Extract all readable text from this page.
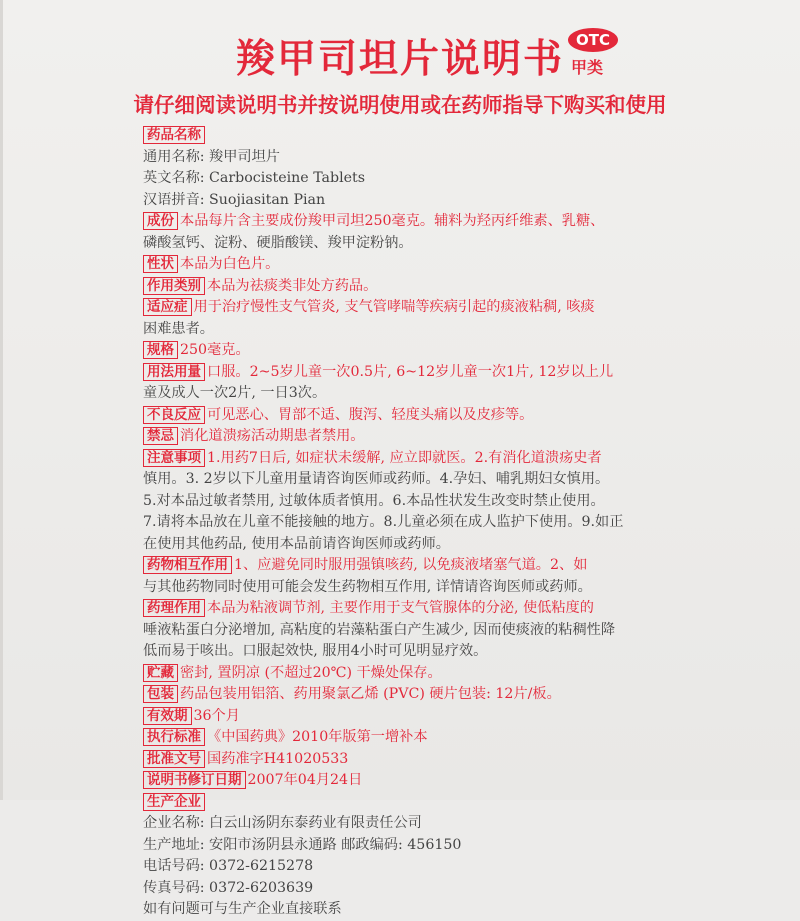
羧甲司坦片说明书 OTC
甲类
请仔细阅读说明书并按说明使用或在药师指导下购买和使用
药品名称
通用名称: 羧甲司坦片
英文名称: Carbocisteine Tablets
汉语拼音: Suojiasitan Pian
成份 本品每片含主要成份羧甲司坦250毫克。辅料为羟丙纤维素、乳糖、
磷酸氢钙、淀粉、硬脂酸镁、羧甲淀粉钠。
性状 本品为白色片。
作用类别 本品为祛痰类非处方药品。
适应症 用于治疗慢性支气管炎, 支气管哮喘等疾病引起的痰液粘稠, 咳痰
困难患者。
规格 250毫克。
用法用量 口服。2~5岁儿童一次0.5片, 6~12岁儿童一次1片, 12岁以上儿
童及成人一次2片, 一日3次。
不良反应 可见恶心、胃部不适、腹泻、轻度头痛以及皮疹等。
禁忌 消化道溃疡活动期患者禁用。
注意事项 1.用药7日后, 如症状未缓解, 应立即就医。2.有消化道溃疡史者
慎用。3. 2岁以下儿童用量请咨询医师或药师。4.孕妇、哺乳期妇女慎用。
5.对本品过敏者禁用, 过敏体质者慎用。6.本品性状发生改变时禁止使用。
7.请将本品放在儿童不能接触的地方。8.儿童必须在成人监护下使用。9.如正
在使用其他药品, 使用本品前请咨询医师或药师。
药物相互作用 1、应避免同时服用强镇咳药, 以免痰液堵塞气道。2、如
与其他药物同时使用可能会发生药物相互作用, 详情请咨询医师或药师。
药理作用 本品为粘液调节剂, 主要作用于支气管腺体的分泌, 使低粘度的
唾液粘蛋白分泌增加, 高粘度的岩藻粘蛋白产生减少, 因而使痰液的粘稠性降
低而易于咳出。口服起效快, 服用4小时可见明显疗效。
贮藏 密封, 置阴凉 (不超过20℃) 干燥处保存。
包装 药品包装用铝箔、药用聚氯乙烯 (PVC) 硬片包装: 12片/板。
有效期 36个月
执行标准 《中国药典》2010年版第一增补本
批准文号 国药准字H41020533
说明书修订日期 2007年04月24日
生产企业
企业名称: 白云山汤阴东泰药业有限责任公司
生产地址: 安阳市汤阴县永通路 邮政编码: 456150
电话号码: 0372-6215278
传真号码: 0372-6203639
如有问题可与生产企业直接联系
